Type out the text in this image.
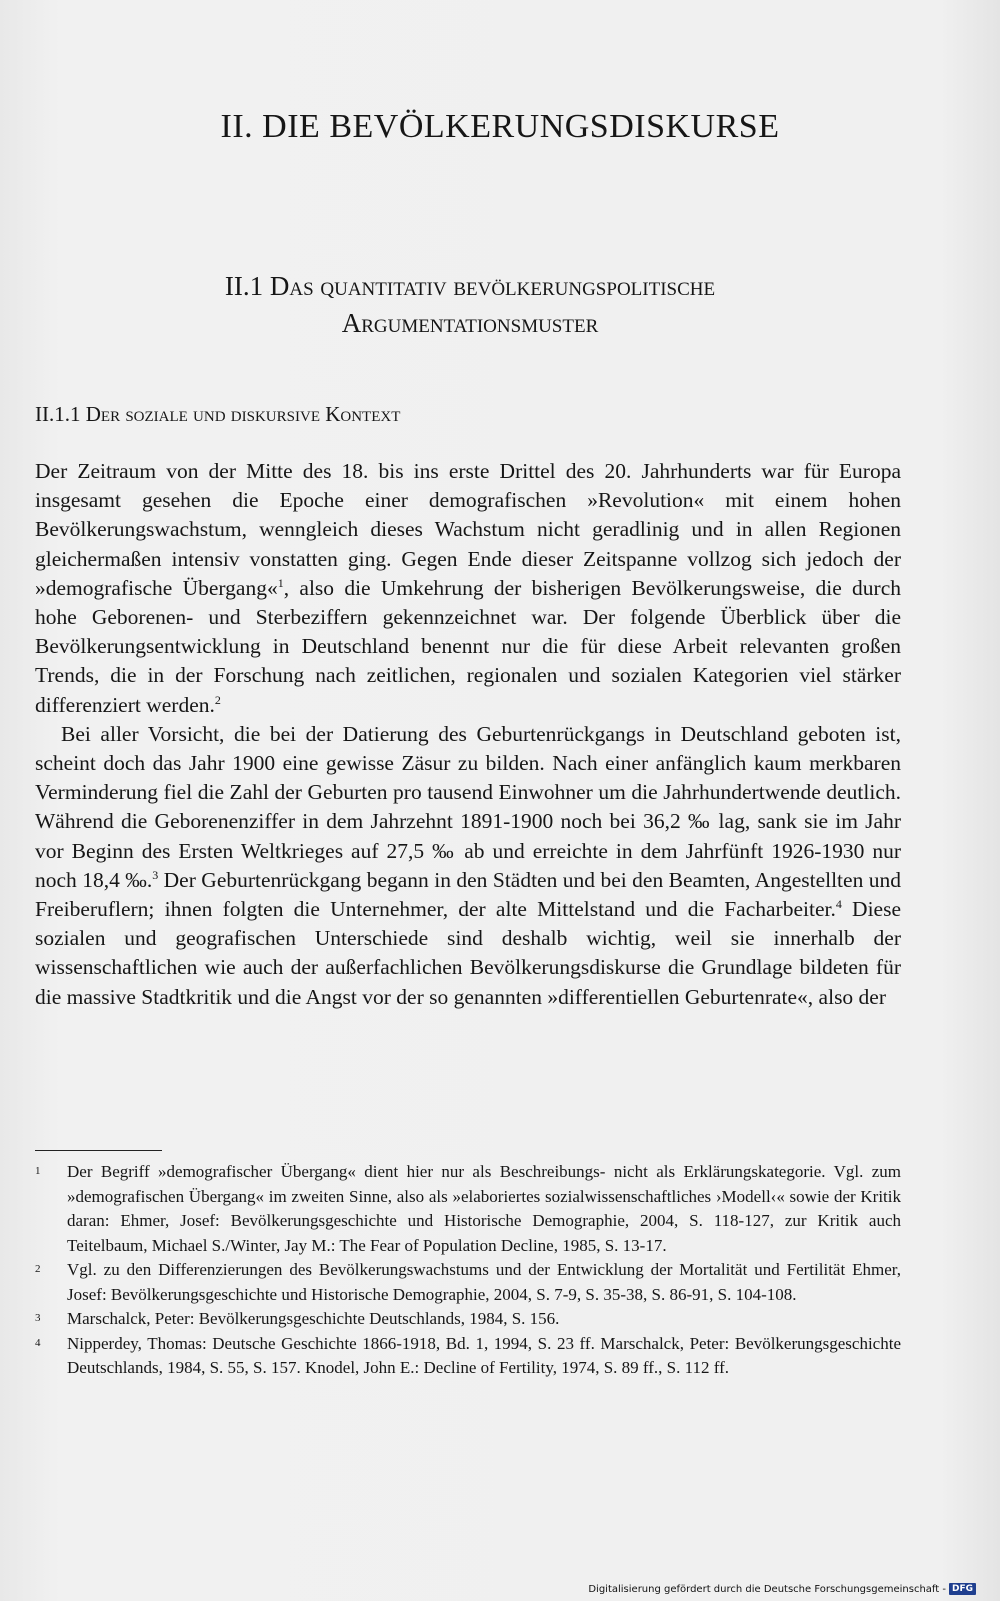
II. DIE BEVÖLKERUNGSDISKURSE
II.1 Das quantitativ bevölkerungspolitische
Argumentationsmuster
II.1.1 Der soziale und diskursive Kontext

Der Zeitraum von der Mitte des 18. bis ins erste Drittel des 20. Jahrhunderts war für Europa insgesamt gesehen die Epoche einer demografischen »Revolution« mit einem hohen Bevölkerungswachstum, wenngleich dieses Wachstum nicht geradlinig und in allen Regionen gleichermaßen intensiv vonstatten ging. Gegen Ende dieser Zeitspanne vollzog sich jedoch der »demografische Übergang«$^1$, also die Umkehrung der bisherigen Bevölkerungsweise, die durch hohe Geborenen- und Sterbeziffern gekennzeichnet war. Der folgende Überblick über die Bevölkerungsentwicklung in Deutschland benennt nur die für diese Arbeit relevanten großen Trends, die in der Forschung nach zeitlichen, regionalen und sozialen Kategorien viel stärker differenziert werden.$^2$

Bei aller Vorsicht, die bei der Datierung des Geburtenrückgangs in Deutschland geboten ist, scheint doch das Jahr 1900 eine gewisse Zäsur zu bilden. Nach einer anfänglich kaum merkbaren Verminderung fiel die Zahl der Geburten pro tausend Einwohner um die Jahrhundertwende deutlich. Während die Geborenenziffer in dem Jahrzehnt 1891-1900 noch bei 36,2 ‰ lag, sank sie im Jahr vor Beginn des Ersten Weltkrieges auf 27,5 ‰ ab und erreichte in dem Jahrfünft 1926-1930 nur noch 18,4 ‰.$^3$ Der Geburtenrückgang begann in den Städten und bei den Beamten, Angestellten und Freiberuflern; ihnen folgten die Unternehmer, der alte Mittelstand und die Facharbeiter.$^4$ Diese sozialen und geografischen Unterschiede sind deshalb wichtig, weil sie innerhalb der wissenschaftlichen wie auch der außerfachlichen Bevölkerungsdiskurse die Grundlage bildeten für die massive Stadtkritik und die Angst vor der so genannten »differentiellen Geburtenrate«, also der

1	Der Begriff »demografischer Übergang« dient hier nur als Beschreibungs- nicht als Erklärungskategorie. Vgl. zum »demografischen Übergang« im zweiten Sinne, also als »elaboriertes sozialwissenschaftliches ›Modell‹« sowie der Kritik daran: Ehmer, Josef: Bevölkerungsgeschichte und Historische Demographie, 2004, S. 118-127, zur Kritik auch Teitelbaum, Michael S./Winter, Jay M.: The Fear of Population Decline, 1985, S. 13-17.
2	Vgl. zu den Differenzierungen des Bevölkerungswachstums und der Entwicklung der Mortalität und Fertilität Ehmer, Josef: Bevölkerungsgeschichte und Historische Demographie, 2004, S. 7-9, S. 35-38, S. 86-91, S. 104-108.
3	Marschalck, Peter: Bevölkerungsgeschichte Deutschlands, 1984, S. 156.
4	Nipperdey, Thomas: Deutsche Geschichte 1866-1918, Bd. 1, 1994, S. 23 ff. Marschalck, Peter: Bevölkerungsgeschichte Deutschlands, 1984, S. 55, S. 157. Knodel, John E.: Decline of Fertility, 1974, S. 89 ff., S. 112 ff.
Digitalisierung gefördert durch die Deutsche Forschungsgemeinschaft - DFG
